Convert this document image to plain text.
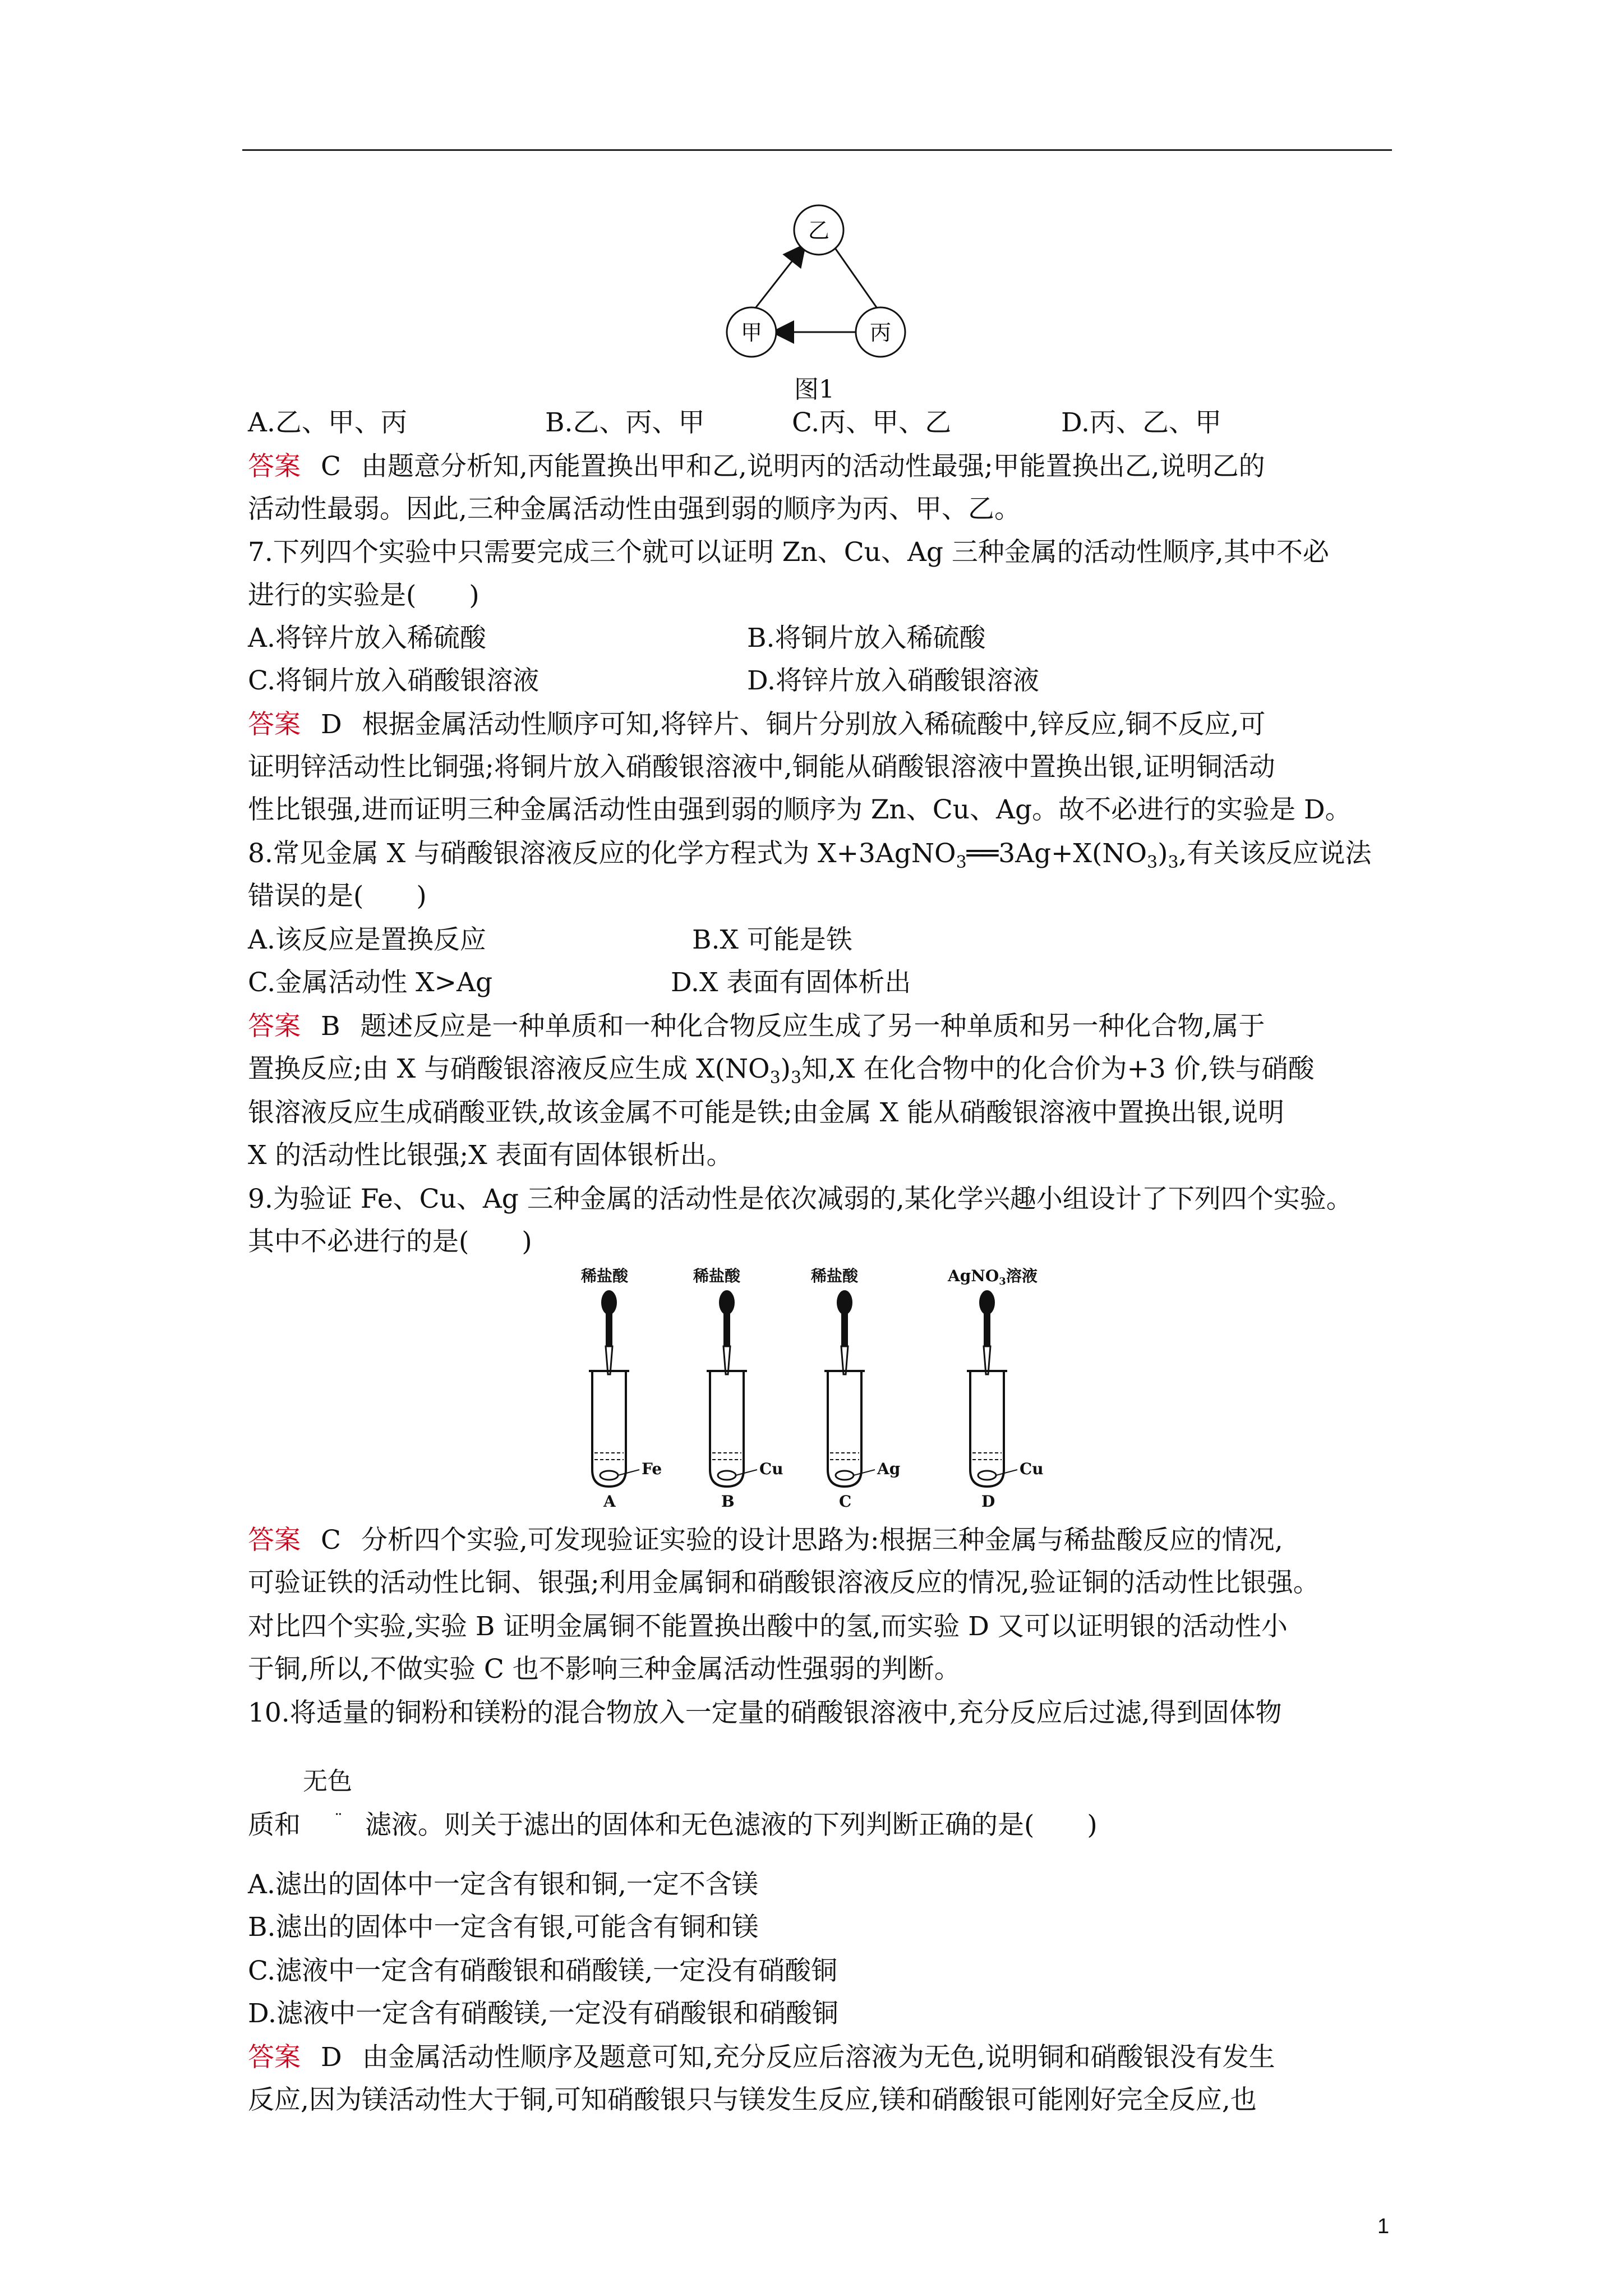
乙
甲	丙
图1
A.乙、甲、丙	B.乙、丙、甲	C.丙、甲、乙	D.丙、乙、甲
答案 C 由题意分析知,丙能置换出甲和乙,说明丙的活动性最强;甲能置换出乙,说明乙的
活动性最弱。因此,三种金属活动性由强到弱的顺序为丙、甲、乙。
7.下列四个实验中只需要完成三个就可以证明 Zn、Cu、Ag 三种金属的活动性顺序,其中不必
进行的实验是(　　)
A.将锌片放入稀硫酸	B.将铜片放入稀硫酸
C.将铜片放入硝酸银溶液	D.将锌片放入硝酸银溶液
答案 D 根据金属活动性顺序可知,将锌片、铜片分别放入稀硫酸中,锌反应,铜不反应,可
证明锌活动性比铜强;将铜片放入硝酸银溶液中,铜能从硝酸银溶液中置换出银,证明铜活动
性比银强,进而证明三种金属活动性由强到弱的顺序为 Zn、Cu、Ag。故不必进行的实验是 D。
8.常见金属 X 与硝酸银溶液反应的化学方程式为 $X+3AgNO_3══3Ag+X(NO_3)_3$,有关该反应说法
错误的是(　　)
A.该反应是置换反应	B.X 可能是铁
C.金属活动性 X>Ag	D.X 表面有固体析出
答案 B 题述反应是一种单质和一种化合物反应生成了另一种单质和另一种化合物,属于
置换反应;由 X 与硝酸银溶液反应生成 $X(NO_3)_3$知,X 在化合物中的化合价为+3 价,铁与硝酸
银溶液反应生成硝酸亚铁,故该金属不可能是铁;由金属 X 能从硝酸银溶液中置换出银,说明
X 的活动性比银强;X 表面有固体银析出。
9.为验证 Fe、Cu、Ag 三种金属的活动性是依次减弱的,某化学兴趣小组设计了下列四个实验。
其中不必进行的是(　　)
稀盐酸
Fe
A
稀盐酸
Cu
B
稀盐酸
Ag
C
AgNO$_3$溶液
Cu
D
答案 C 分析四个实验,可发现验证实验的设计思路为:根据三种金属与稀盐酸反应的情况,
可验证铁的活动性比铜、银强;利用金属铜和硝酸银溶液反应的情况,验证铜的活动性比银强。
对比四个实验,实验 B 证明金属铜不能置换出酸中的氢,而实验 D 又可以证明银的活动性小
于铜,所以,不做实验 C 也不影响三种金属活动性强弱的判断。
10.将适量的铜粉和镁粉的混合物放入一定量的硝酸银溶液中,充分反应后过滤,得到固体物
无色
质和 ¨ 滤液。则关于滤出的固体和无色滤液的下列判断正确的是(　　)
A.滤出的固体中一定含有银和铜,一定不含镁
B.滤出的固体中一定含有银,可能含有铜和镁
C.滤液中一定含有硝酸银和硝酸镁,一定没有硝酸铜
D.滤液中一定含有硝酸镁,一定没有硝酸银和硝酸铜
答案 D 由金属活动性顺序及题意可知,充分反应后溶液为无色,说明铜和硝酸银没有发生
反应,因为镁活动性大于铜,可知硝酸银只与镁发生反应,镁和硝酸银可能刚好完全反应,也
1
